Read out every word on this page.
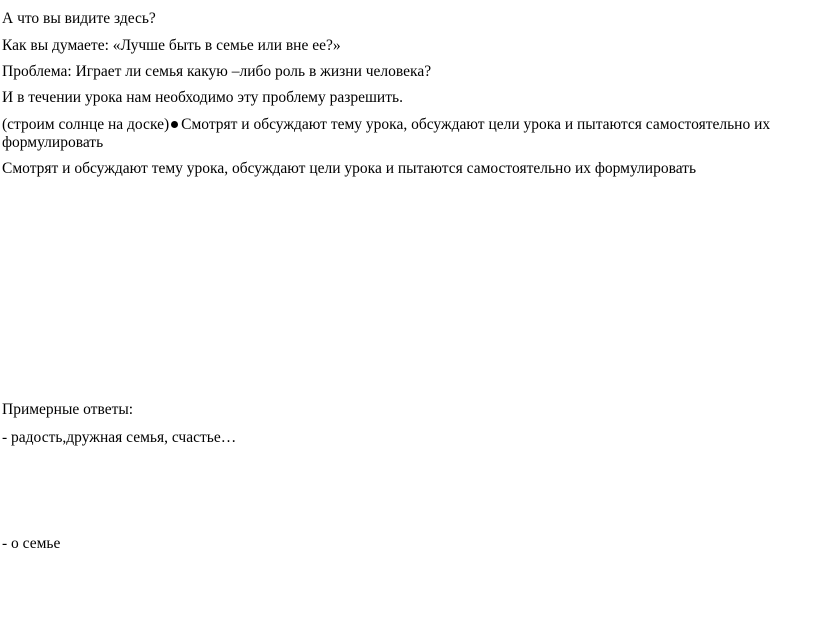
А что вы видите здесь?

Как вы думаете: «Лучше быть в семье или вне ее?»

Проблема: Играет ли семья какую –либо роль в жизни человека?

И в течении урока нам необходимо эту проблему разрешить.

(строим солнце на доске) Смотрят и обсуждают тему урока, обсуждают цели урока и пытаются самостоятельно их формулировать

Смотрят и обсуждают тему урока, обсуждают цели урока и пытаются самостоятельно их формулировать

Примерные ответы:

- радость,дружная семья, счастье…

- о семье
